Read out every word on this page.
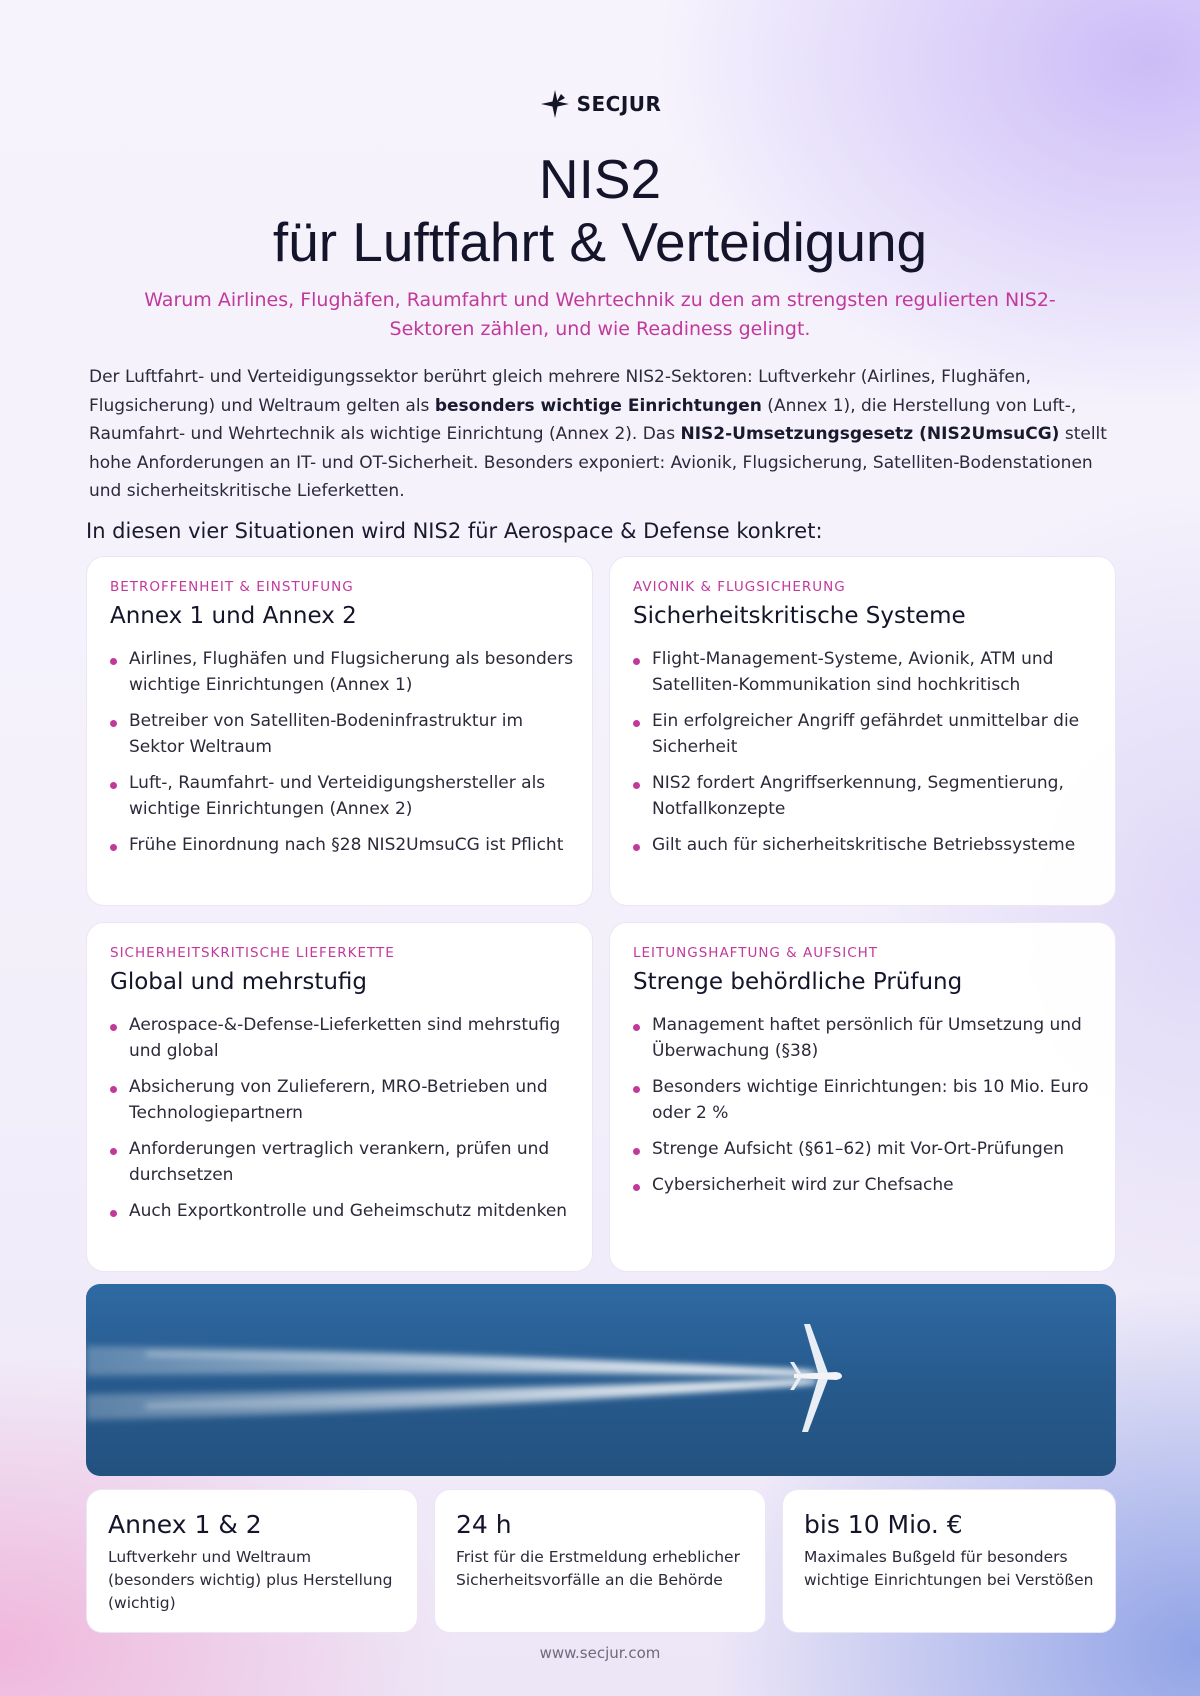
SECJUR
NIS2
für Luftfahrt & Verteidigung
Warum Airlines, Flughäfen, Raumfahrt und Wehrtechnik zu den am strengsten regulierten NIS2-Sektoren zählen, und wie Readiness gelingt.
Der Luftfahrt- und Verteidigungssektor berührt gleich mehrere NIS2-Sektoren: Luftverkehr (Airlines, Flughäfen, Flugsicherung) und Weltraum gelten als besonders wichtige Einrichtungen (Annex 1), die Herstellung von Luft-, Raumfahrt- und Wehrtechnik als wichtige Einrichtung (Annex 2). Das NIS2-Umsetzungsgesetz (NIS2UmsuCG) stellt hohe Anforderungen an IT- und OT-Sicherheit. Besonders exponiert: Avionik, Flugsicherung, Satelliten-Bodenstationen und sicherheitskritische Lieferketten.
In diesen vier Situationen wird NIS2 für Aerospace & Defense konkret:
BETROFFENHEIT & EINSTUFUNG
Annex 1 und Annex 2
Airlines, Flughäfen und Flugsicherung als besonders wichtige Einrichtungen (Annex 1)
Betreiber von Satelliten-Bodeninfrastruktur im Sektor Weltraum
Luft-, Raumfahrt- und Verteidigungshersteller als wichtige Einrichtungen (Annex 2)
Frühe Einordnung nach §28 NIS2UmsuCG ist Pflicht
AVIONIK & FLUGSICHERUNG
Sicherheitskritische Systeme
Flight-Management-Systeme, Avionik, ATM und Satelliten-Kommunikation sind hochkritisch
Ein erfolgreicher Angriff gefährdet unmittelbar die Sicherheit
NIS2 fordert Angriffserkennung, Segmentierung, Notfallkonzepte
Gilt auch für sicherheitskritische Betriebssysteme
SICHERHEITSKRITISCHE LIEFERKETTE
Global und mehrstufig
Aerospace-&-Defense-Lieferketten sind mehrstufig und global
Absicherung von Zulieferern, MRO-Betrieben und Technologiepartnern
Anforderungen vertraglich verankern, prüfen und durchsetzen
Auch Exportkontrolle und Geheimschutz mitdenken
LEITUNGSHAFTUNG & AUFSICHT
Strenge behördliche Prüfung
Management haftet persönlich für Umsetzung und Überwachung (§38)
Besonders wichtige Einrichtungen: bis 10 Mio. Euro oder 2 %
Strenge Aufsicht (§61–62) mit Vor-Ort-Prüfungen
Cybersicherheit wird zur Chefsache
Annex 1 & 2
Luftverkehr und Weltraum (besonders wichtig) plus Herstellung (wichtig)
24 h
Frist für die Erstmeldung erheblicher Sicherheitsvorfälle an die Behörde
bis 10 Mio. €
Maximales Bußgeld für besonders wichtige Einrichtungen bei Verstößen
www.secjur.com
